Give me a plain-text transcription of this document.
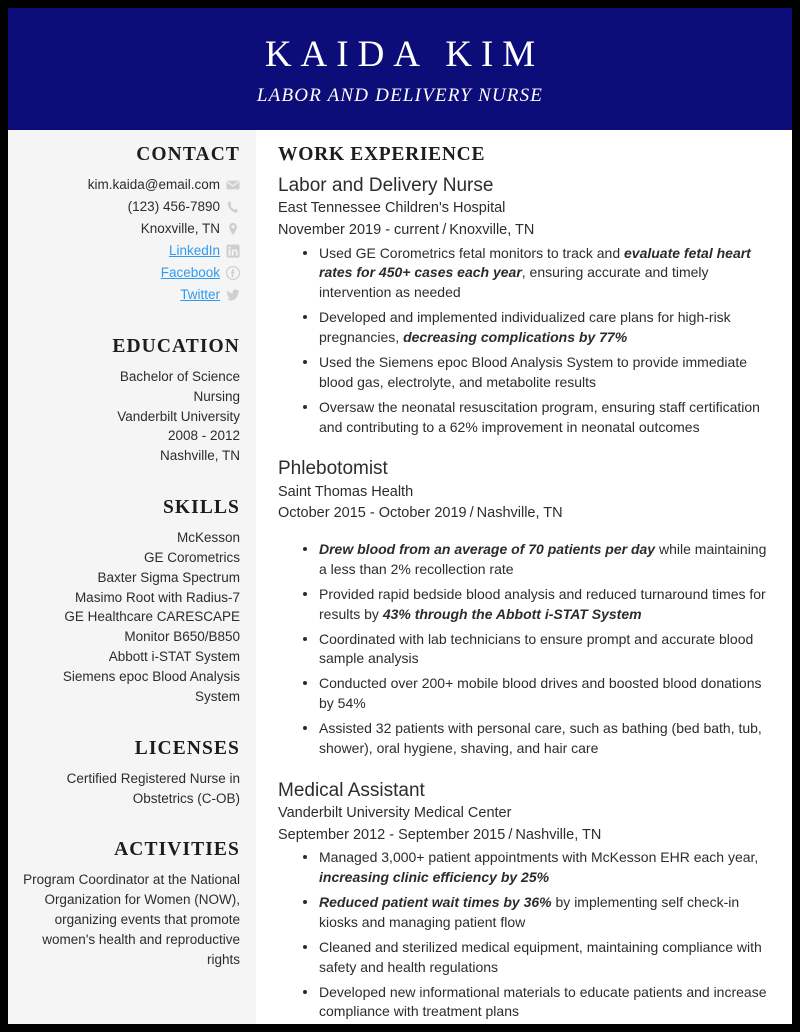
KAIDA KIM
LABOR AND DELIVERY NURSE
CONTACT
kim.kaida@email.com
(123) 456-7890
Knoxville, TN
LinkedIn
Facebook
Twitter
EDUCATION
Bachelor of Science
Nursing
Vanderbilt University
2008 - 2012
Nashville, TN
SKILLS
McKesson
GE Corometrics
Baxter Sigma Spectrum
Masimo Root with Radius-7
GE Healthcare CARESCAPE Monitor B650/B850
Abbott i-STAT System
Siemens epoc Blood Analysis System
LICENSES
Certified Registered Nurse in Obstetrics (C-OB)
ACTIVITIES
Program Coordinator at the National Organization for Women (NOW), organizing events that promote women's health and reproductive rights
WORK EXPERIENCE
Labor and Delivery Nurse
East Tennessee Children's Hospital
November 2019 - current / Knoxville, TN
Used GE Corometrics fetal monitors to track and evaluate fetal heart rates for 450+ cases each year, ensuring accurate and timely intervention as needed
Developed and implemented individualized care plans for high-risk pregnancies, decreasing complications by 77%
Used the Siemens epoc Blood Analysis System to provide immediate blood gas, electrolyte, and metabolite results
Oversaw the neonatal resuscitation program, ensuring staff certification and contributing to a 62% improvement in neonatal outcomes
Phlebotomist
Saint Thomas Health
October 2015 - October 2019 / Nashville, TN
Drew blood from an average of 70 patients per day while maintaining a less than 2% recollection rate
Provided rapid bedside blood analysis and reduced turnaround times for results by 43% through the Abbott i-STAT System
Coordinated with lab technicians to ensure prompt and accurate blood sample analysis
Conducted over 200+ mobile blood drives and boosted blood donations by 54%
Assisted 32 patients with personal care, such as bathing (bed bath, tub, shower), oral hygiene, shaving, and hair care
Medical Assistant
Vanderbilt University Medical Center
September 2012 - September 2015 / Nashville, TN
Managed 3,000+ patient appointments with McKesson EHR each year, increasing clinic efficiency by 25%
Reduced patient wait times by 36% by implementing self check-in kiosks and managing patient flow
Cleaned and sterilized medical equipment, maintaining compliance with safety and health regulations
Developed new informational materials to educate patients and increase compliance with treatment plans
